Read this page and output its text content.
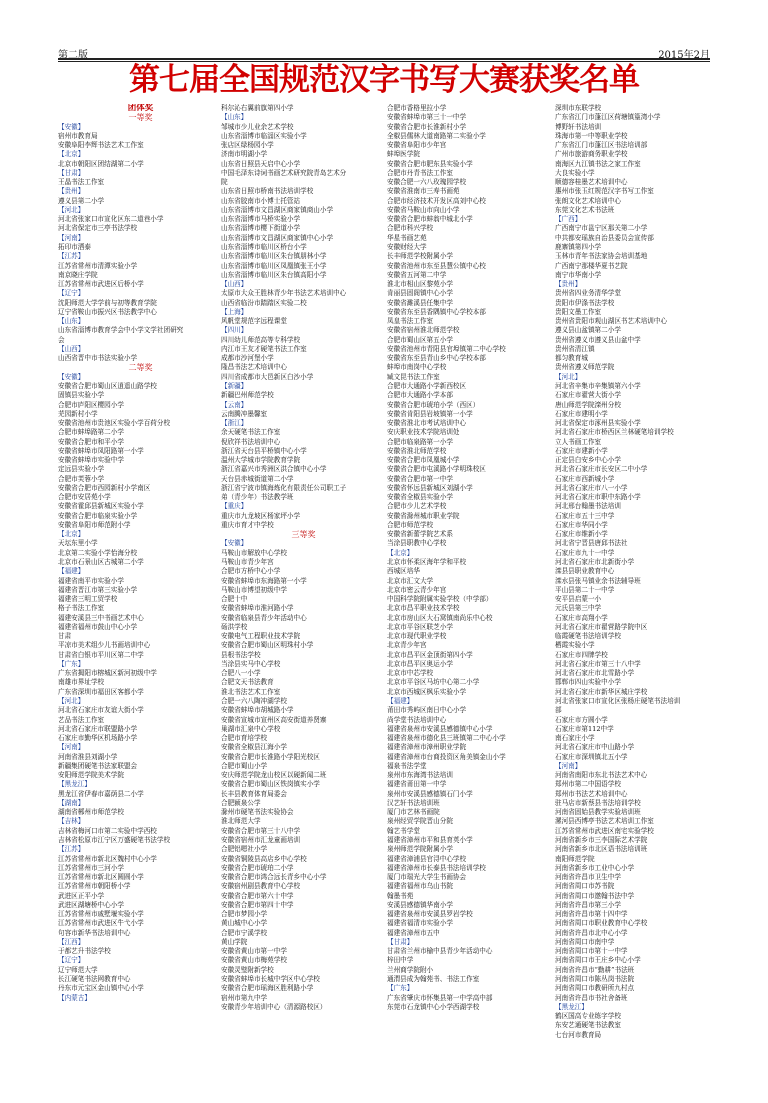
第二版	2015年2月
第七届全国规范汉字书写大赛获奖名单
团体奖
一等奖
【安徽】
宿州市教育局
安徽阜阳李辉书法艺术工作室
【北京】
北京市朝阳区团结湖第二小学
【甘肃】
王晶书法工作室
【贵州】
遵义县第二小学
【河北】
河北省张家口市宣化区东二道巷小学
河北省保定市三亭书法学校
【河南】
拓印市洒泰
【江苏】
江苏省常州市清潭实验小学
南京晓庄学院
江苏省常州市武进区后桥小学
【辽宁】
沈阳师范大学学前与初等教育学院
辽宁省鞍山市振兴区书法教学中心
【山东】
山东省淄博市教育学会中小学文学社团研究
会
【山西】
山西省晋中市书法实验小学
二等奖
【安徽】
安徽省合肥市蜀山区逍遥山路学校
固镇县实验小学
合肥市庐阳区樱园小学
芜园新村小学
安徽省池州市贵池区实验小学百荷分校
合肥市蚌埠路第二小学
安徽省合肥市和平小学
安徽省蚌埠市凤阳路第一小学
安徽省蚌埠市实验中学
定远县实验小学
合肥市芙蓉小学
安徽省合肥市西园新村小学南区
合肥市安居苑小学
安徽省霍邱县新城区实验小学
安徽省合肥市临泉实验小学
安徽省阜阳市师范附小学
【北京】
天坛东里小学
北京第二实验小学怡海分校
北京市石景山区古城第二小学
【福建】
福建省南平市实验小学
福建省晋江市第三实验小学
福建省三明工贸学校
格子书法工作室
福建安溪县三中书画艺术中心
福建省福州市鼓山中心小学
甘肃
平凉市美术组少儿书画培训中心
甘肃省白银市平川区第二中学
【广东】
广东省揭阳市榕城区新河初级中学
南雄市界址学校
广东省深圳市福田区客都小学
【河北】
河北省石家庄市友谊大街小学
艺品书法工作室
河北省石家庄市联盟路小学
石家庄市勤华区机场路小学
【河南】
河南省淮县刘湖小学
新疆集团硬笔书法家联盟会
安阳师范学院美术学院
【黑龙江】
黑龙江省伊春市嘉荫县二小学
【湖南】
湖南省郴州市师范学校
【吉林】
吉林省梅河口市第二实验中学西校
吉林省松原市江宁区万盛硬笔书法学校
【江苏】
江苏省常州市新北区魏村中心小学
江苏省常州市三河小学
江苏省常州市新北区圆圆小学
江苏省常州市朝阳桥小学
武进区正平小学
武进区湖塘桥中心小学
江苏省常州市戚墅堰实验小学
江苏省常州市武进区牛弋小学
句容市新华书法培训中心
【江西】
于都艺升书法学校
【辽宁】
辽宁师范大学
长江硬笔书法网教育中心
丹东市元宝区金山镇中心小学
【内蒙古】
科尔沁右翼前旗第四小学
【山东】
邹城市少儿业余艺术学校
山东省淄博市临淄区实验小学
张店区绿杨园小学
济南市明湖小学
山东省日照县天启中心小学
中国毛泽东诗词书画艺术研究院青岛艺术分
院
山东省日照市桥南书法培训学校
山东省胶南市小博士托管站
山东省淄博市文昌湖区商家镇商山小学
山东省淄博市马桥实验小学
山东省淄博市樱下街道小学
山东省淄博市文昌湖区商家镇中心小学
山东省淄博市临川区桥台小学
山东省淄博市临川区朱台镇朋林小学
山东省淄博市临川区凤凰镇张王小学
山东省淄博市临川区朱台镇高阳小学
【山西】
太原市大众王胜林青少年书法艺术培训中心
山西省临汾市踏踏区实验二校
【上海】
风帆堂规范字远程课堂
【四川】
四川幼儿师范高等专科学校
内江市王友才硬笔书法工作室
成都市沙河堡小学
隆昌书法艺术培训中心
四川省成都市大邑新区白沙小学
【新疆】
新疆巴州师范学校
【云南】
云南腾冲墨馨室
【浙江】
余天硬笔书法工作室
倪欣祥书法培训中心
浙江省天台县平桥镇中心小学
温州大学城市学院教育学院
浙江省嘉兴市秀洲区洪合镇中心小学
天台县赤城街道第二小学
浙江省宁波市镇海炼化有限责任公司职工子
弟（青少年）书法教学班
【重庆】
重庆市九龙坡区杨家坪小学
重庆市育才中学校
三等奖
【安徽】
马鞍山市解放中心学校
马鞍山市青少年宫
合肥市方桥中心小学
安徽省蚌埠市东海路第一小学
马鞍山市博望初级中学
合肥十中
安徽省蚌埠市淮河路小学
安徽省临泉县青少年活动中心
砀洪学校
安徽电气工程职业技术学院
安徽省合肥市蜀山区明珠村小学
县根书法学校
当涂县实马中心学校
合肥八一小学
合肥文天书法教育
淮北书法艺术工作室
合肥一六八陶冲湖学校
安徽省蚌埠市胡城路小学
安徽省宣城市宣州区高安街道养贤寨
巢湖市汇泉中心学校
合肥市育培学校
安徽省全椒县江海小学
安徽省合肥市长淮路小学阳光校区
合肥市蜀山小学
安庆师范学院龙山校区以硬新闻二班
安徽省合肥市蜀山区铁岗镇实小学
长丰县教育体育局委会
合肥颍泉公学
滁州市硬笔书法实验协会
淮北师范大学
安徽省合肥市第三十八中学
安徽省宿州市汇龙童画培训
合肥铝嗯社小学
安徽省铜陵县高店乡中心学校
安徽省合肥市琥珀二小学
安徽省合肥市鸿合远长青乡中心小学
安徽宿州剧县教育中心学校
安徽省合肥市第六十中学
安徽省合肥市第四十中学
合肥市梦园小学
黄山城中心小学
合肥市宁溪学校
黄山学院
安徽省黄山市第一中学
安徽省黄山市梅苑学校
安徽灵璧附新学校
安徽省蚌埠市长城中学区中心学校
安徽省合肥市瑶海区胜利路小学
宿州市第九中学
安徽青少年培训中心（清源路校区）
合肥市香格里拉小学
安徽省蚌埠市第三十一中学
安徽省合肥市长淮新村小学
全椒县儒林大道南路第二实验小学
安徽省阜阳市少年宫
蚌埠医学院
安徽省合肥市肥东县实验小学
合肥市丹青书法工作室
安徽合肥一六八玫瑰园学校
安徽省淮南市三寿书画苑
合肥市经济技术开发区高刘中心校
安徽省马鞍山市向山小学
安徽省合肥市蚌翁中城北小学
合肥市科兴学校
华星书画艺苑
安徽财经大学
长丰师范学校附属小学
安徽省池州市东至县慧公镇中心校
安徽省五河第二中学
淮北市相山区黎苑小学
肯丽县固阁镇中心小学
安徽省濉溪县任集中学
安徽省东至县香隅镇中心学校本部
凤皇书法工作室
安徽省宿州淮北师范学校
合肥市蜀山区第五小学
安徽省池州市青阳县官埠镇第二中心学校
安徽省东至县青山乡中心学校本部
蚌埠市南岗中心学校
臧文昆书法工作室
合肥市大通路小学新西校区
合肥市大通路小学本部
安徽省合肥市琥珀小学（西区）
安徽省肯阳县岩坡镇第一小学
安徽省淮北市考试培训中心
安庆职业技术学院培训处
合肥市临泉路第一小学
安徽省淮北师范学校
安徽省合肥市凤凰城小学
安徽省合肥市屯溪路小学明珠校区
安徽省合肥市第一中学
安徽省怀远县新城区刘湖小学
安徽省全椒县实验小学
合肥市少儿艺术学校
安徽省滁州城市职业学院
合肥市师范学校
安徽省新蕾学院艺术系
当涂县职教中心学校
【北京】
北京市怀柔区海年学和平校
西城区培华
北京市汇文大学
北京市密云青少年宫
中国科学院附属实验学校（中学部）
北京市昌平职业技术学校
北京市房山区大石窝镇南尚乐中心校
北京市平谷区联芝小学
北京市现代职业学校
北京青少年宫
北京市昌平区金顶街第四小学
北京市昌平区奥运小学
北京市中芯学校
北京市平谷区马坊中心第二小学
北京市西城区枫乐实验小学
【福建】
莆田市秀屿区南日中心小学
尚学堂书法培训中心
福建省泉州市安溪县感德镇中心小学
福建省泉州市德化县三班镇第二中心小学
福建省漳州市漳州职业学院
福建省漳州市台商投资区角美镇金山小学
福泉书法学堂
泉州市东海湾书法培训
福建省莆田第一中学
泉州市安溪县感德镇石门小学
汉艺轩书法培训班
厦门市艺林书画院
泉州经贸学院晋山分院
翰艺书学堂
福建省漳州市平和县育英小学
泉州师范学院附属小学
福建省漳浦县官浔中心学校
福建省漳州市长泰县书法培训学校
厦门市瑞光大学生书画协会
福建省福州市乌山书院
翰墨书苑
安溪县感德镇华南小学
福建省泉州市安溪县罗岩学校
福建省福清市实验小学
福建省漳州市五中
【甘肃】
甘肃省兰州市榆中县青少年活动中心
梓田中学
兰州商学院附小
通渭县成为翰苑书、书法工作室
【广东】
广东省肇庆市怀集县第一中学高中部
东莞市石龙镇中心小学西湖学校
深圳市东联学校
广东省江门市蓬江区荷塘镇篁湾小学
博野轩书法培训
珠海市第一中等职业学校
广东省江门市蓬江区书法培训部
广州市旅游商务职业学校
南海区九江镇书法之家工作室
大良实验小学
顺德容桂墨艺术培训中心
惠州市张玉红规范汉字书写工作室
张朗文化艺术培训中心
东莞文化艺术书法班
【广西】
广西南宁市邕宁区那关第二小学
中共都安瑶族自治县委员会宣传部
鹿寨镇第四小学
玉林市青年书法家协会培训基地
广西南宁那楼华夏书艺院
南宁市华南小学
【贵州】
贵州省四业务清华学堂
贵阳市伊涤书法学校
贵阳文墨工作室
贵州省贵阳市观山湖区书艺术培训中心
遵义县山盆镇第二小学
贵州省遵义市遵义县山盆中学
贵州省清江镇
都匀教育城
贵州省遵义师范学院
【河北】
河北省辛集市辛集镇第六小学
石家庄市翟营大街小学
唐山师范学院滦州分校
石家庄市建明小学
河北省保定市涿州县实验小学
河北省石家庄市桥西区兰林硬笔培训学校
立人书画工作室
石家庄市建新小学
正定县白安乡中心小学
河北省石家庄市长安区二中小学
石家庄市西新城小学
河北省石家庄市八一小学
河北省石家庄市职中东路小学
河北邢台翰墨书法培训
石家庄市五十三中学
石家庄市华同小学
石家庄市维新小学
河北省宁晋县唐邱书法社
石家庄市九十一中学
河北省石家庄市北新街小学
滦县县职业教育中心
滦水县张马镇业余书法辅导班
平山县第二十一中学
安平县启蒙一小
元氏县第三中学
石家庄市高翔小学
河北省石家庄市翟营路学院中区
临霞硬笔书法培训学校
栖霞实验小学
石家庄市四牌学校
河北省石家庄市第三十八中学
河北省石家庄市北雪路小学
邯郸市四山实验中小学
河北省石家庄市新华区城庄学校
河北省张家口市宣化区张杨庄硬笔书法培训
部
石家庄市方圆小学
石家庄市第112中学
南石家庄小学
河北省石家庄市中山路小学
石家庄市深圳镇北五小学
【河南】
河南省南阳市东北书法艺术中心
郑州市第二中国语学校
郑州市书法艺术培训中心
驻马店市新蔡县书法培训学校
河南省固始县教学实验培训班
漯河县西博亭书法艺术培训工作室
江苏省常州市武进区南宅实验学校
河南省新乡市三李国际艺术学院
河南省新乡市北区语书法培训班
南阳师范学院
河南省新乡市工业中心小学
河南省许昌市卫生中学
河南省周口市苏书院
河南省周口市邀翰书法中学
河南省许昌市第三小学
河南省许昌市第十四中学
河南省周口市职业教育中心学校
河南省许昌市北中心小学
河南省周口市南中学
河南省周口市第十一中学
河南省周口市王庄乡中心小学
河南省许昌市“勤耕”书法班
河南省周口市陈丛岗书法院
河南省周口市教研所九村点
河南省许昌市书社舍备班
【黑龙江】
鹤区国高专业练字学校
东安艺通硬笔书法教室
七台河市教育局
